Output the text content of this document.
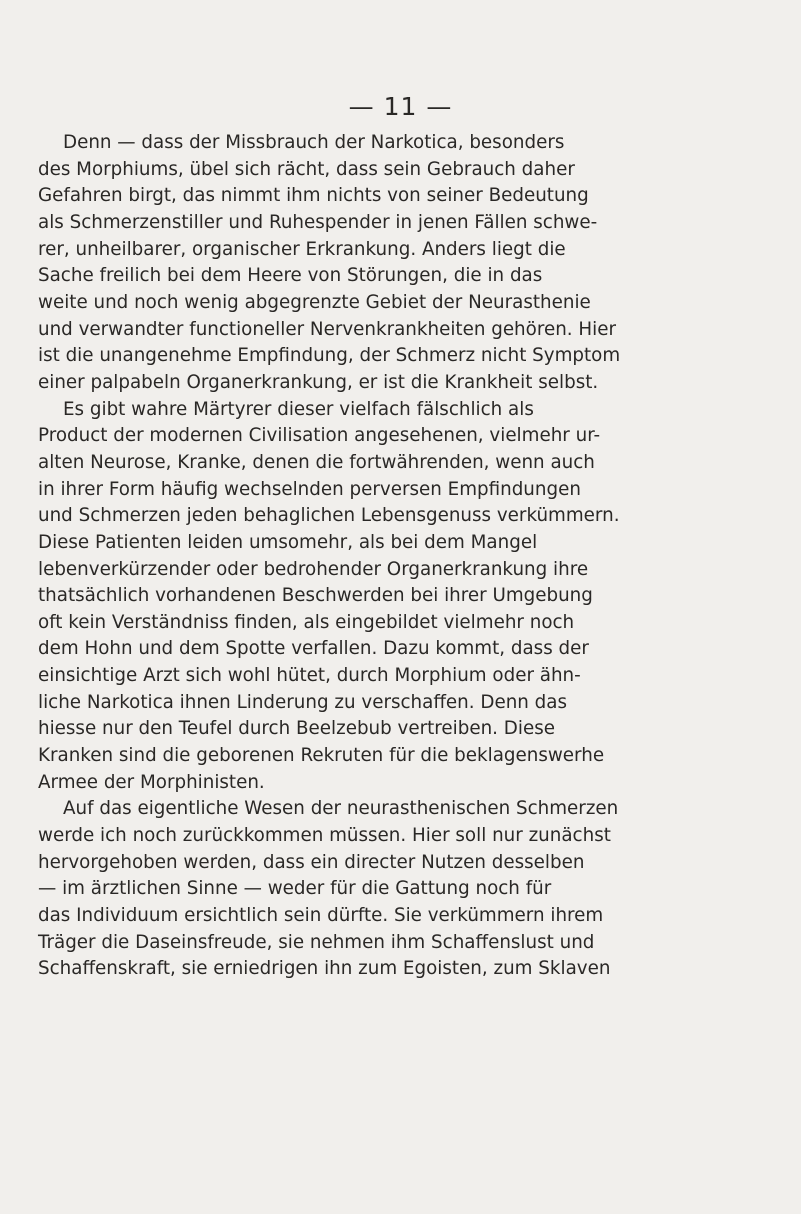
— 11 —
Denn — dass der Missbrauch der Narkotica, besonders
des Morphiums, übel sich rächt, dass sein Gebrauch daher
Gefahren birgt, das nimmt ihm nichts von seiner Bedeutung
als Schmerzenstiller und Ruhespender in jenen Fällen schwe-
rer, unheilbarer, organischer Erkrankung. Anders liegt die
Sache freilich bei dem Heere von Störungen, die in das
weite und noch wenig abgegrenzte Gebiet der Neurasthenie
und verwandter functioneller Nervenkrankheiten gehören. Hier
ist die unangenehme Empfindung, der Schmerz nicht Symptom
einer palpabeln Organerkrankung, er ist die Krankheit selbst.
Es gibt wahre Märtyrer dieser vielfach fälschlich als
Product der modernen Civilisation angesehenen, vielmehr ur-
alten Neurose, Kranke, denen die fortwährenden, wenn auch
in ihrer Form häufig wechselnden perversen Empfindungen
und Schmerzen jeden behaglichen Lebensgenuss verkümmern.
Diese Patienten leiden umsomehr, als bei dem Mangel
lebenverkürzender oder bedrohender Organerkrankung ihre
thatsächlich vorhandenen Beschwerden bei ihrer Umgebung
oft kein Verständniss finden, als eingebildet vielmehr noch
dem Hohn und dem Spotte verfallen. Dazu kommt, dass der
einsichtige Arzt sich wohl hütet, durch Morphium oder ähn-
liche Narkotica ihnen Linderung zu verschaffen. Denn das
hiesse nur den Teufel durch Beelzebub vertreiben. Diese
Kranken sind die geborenen Rekruten für die beklagenswerhe
Armee der Morphinisten.
Auf das eigentliche Wesen der neurasthenischen Schmerzen
werde ich noch zurückkommen müssen. Hier soll nur zunächst
hervorgehoben werden, dass ein directer Nutzen desselben
— im ärztlichen Sinne — weder für die Gattung noch für
das Individuum ersichtlich sein dürfte. Sie verkümmern ihrem
Träger die Daseinsfreude, sie nehmen ihm Schaffenslust und
Schaffenskraft, sie erniedrigen ihn zum Egoisten, zum Sklaven
